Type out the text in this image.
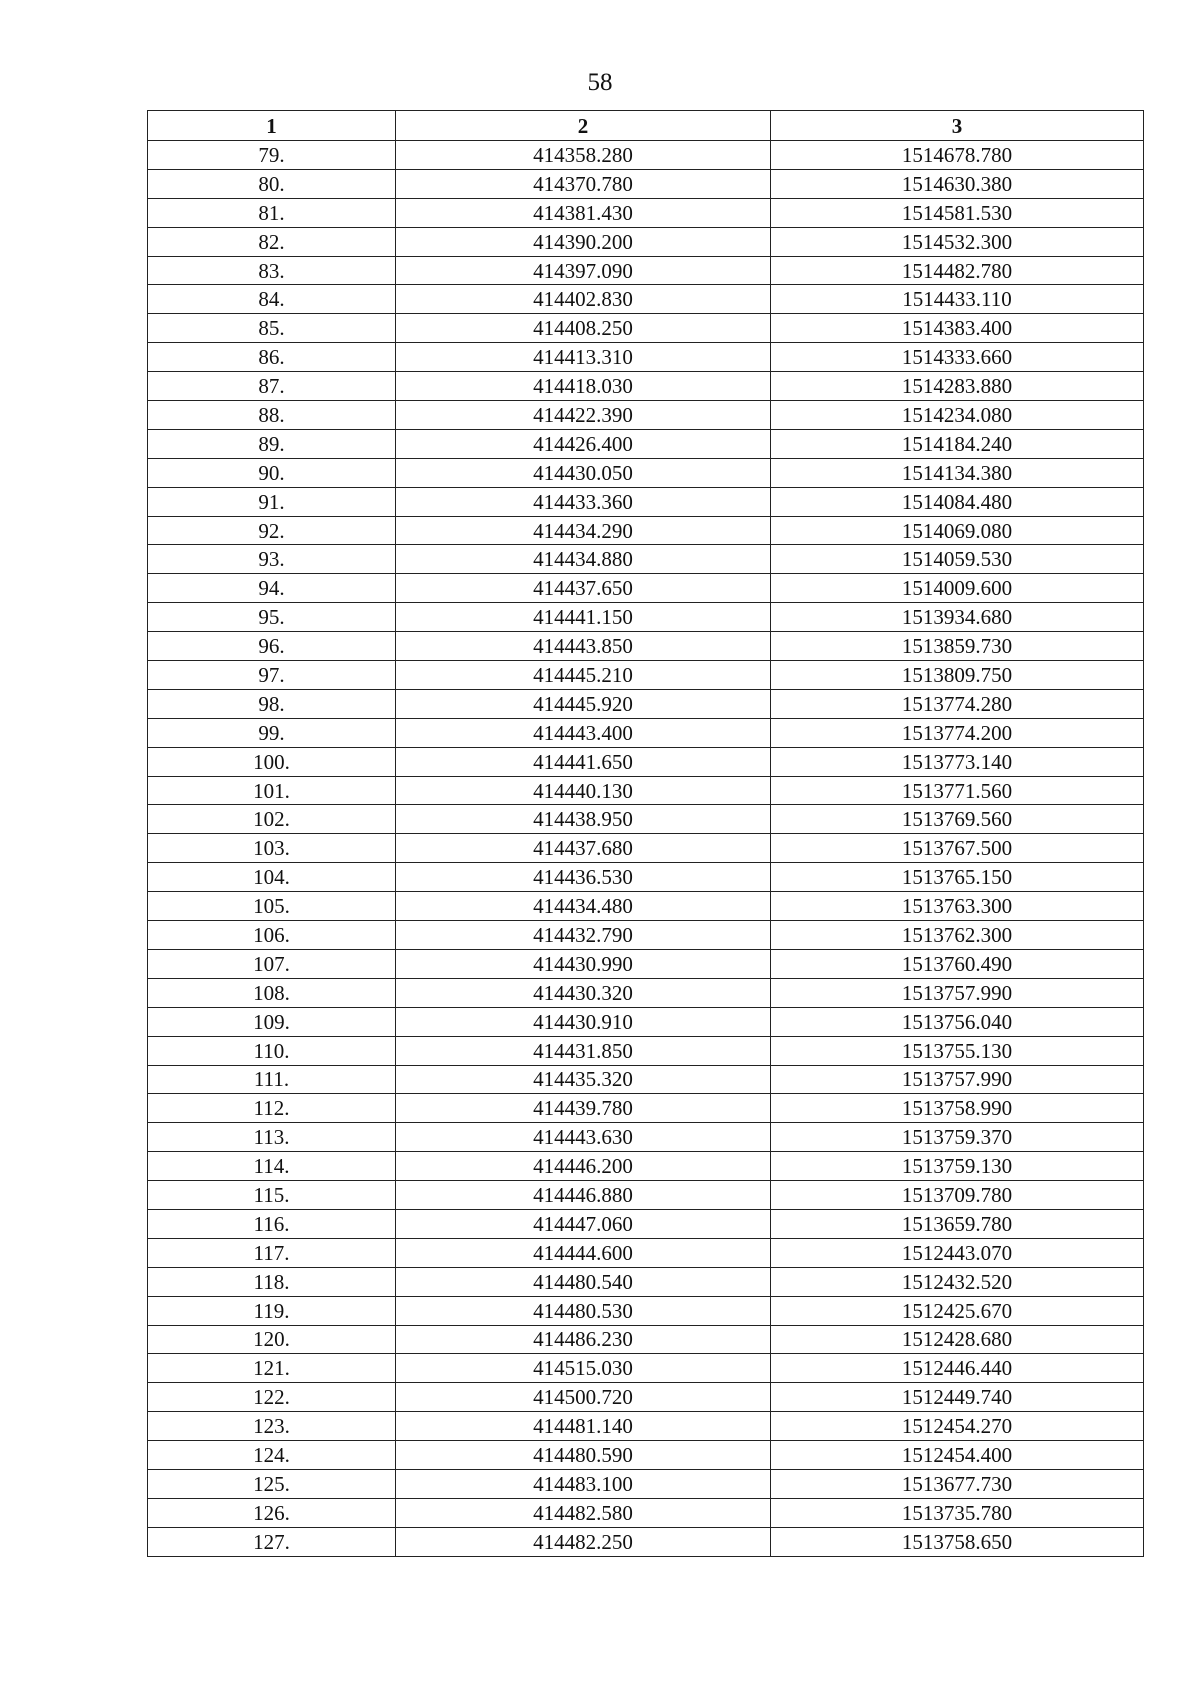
58
1	2	3
79.	414358.280	1514678.780
80.	414370.780	1514630.380
81.	414381.430	1514581.530
82.	414390.200	1514532.300
83.	414397.090	1514482.780
84.	414402.830	1514433.110
85.	414408.250	1514383.400
86.	414413.310	1514333.660
87.	414418.030	1514283.880
88.	414422.390	1514234.080
89.	414426.400	1514184.240
90.	414430.050	1514134.380
91.	414433.360	1514084.480
92.	414434.290	1514069.080
93.	414434.880	1514059.530
94.	414437.650	1514009.600
95.	414441.150	1513934.680
96.	414443.850	1513859.730
97.	414445.210	1513809.750
98.	414445.920	1513774.280
99.	414443.400	1513774.200
100.	414441.650	1513773.140
101.	414440.130	1513771.560
102.	414438.950	1513769.560
103.	414437.680	1513767.500
104.	414436.530	1513765.150
105.	414434.480	1513763.300
106.	414432.790	1513762.300
107.	414430.990	1513760.490
108.	414430.320	1513757.990
109.	414430.910	1513756.040
110.	414431.850	1513755.130
111.	414435.320	1513757.990
112.	414439.780	1513758.990
113.	414443.630	1513759.370
114.	414446.200	1513759.130
115.	414446.880	1513709.780
116.	414447.060	1513659.780
117.	414444.600	1512443.070
118.	414480.540	1512432.520
119.	414480.530	1512425.670
120.	414486.230	1512428.680
121.	414515.030	1512446.440
122.	414500.720	1512449.740
123.	414481.140	1512454.270
124.	414480.590	1512454.400
125.	414483.100	1513677.730
126.	414482.580	1513735.780
127.	414482.250	1513758.650
